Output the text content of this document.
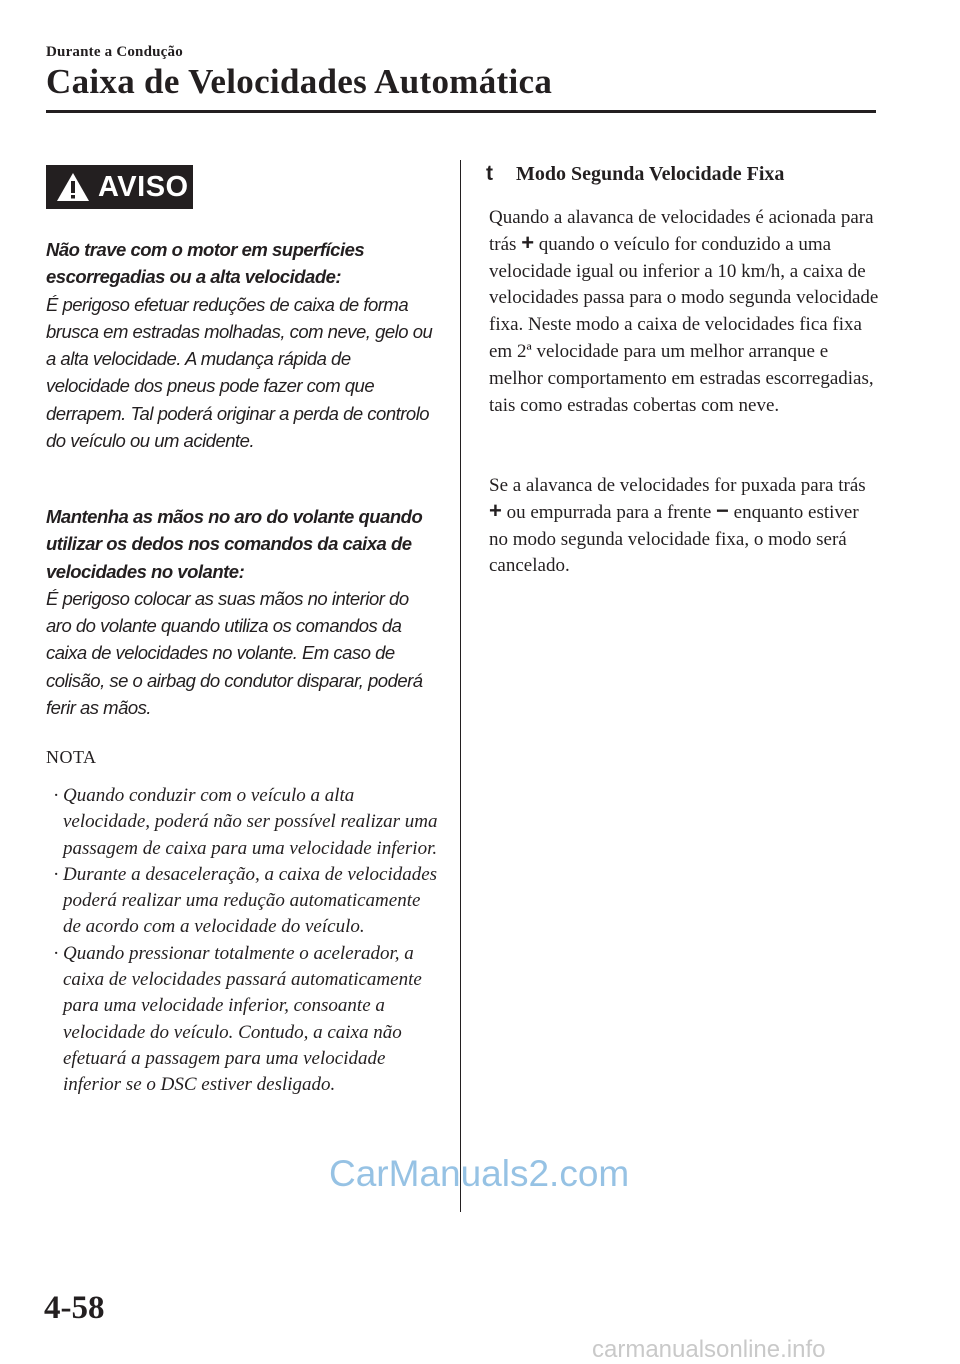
Durante a Condução
Caixa de Velocidades Automática
AVISO
Não trave com o motor em superfícies escorregadias ou a alta velocidade:
É perigoso efetuar reduções de caixa de forma brusca em estradas molhadas, com neve, gelo ou a alta velocidade. A mudança rápida de velocidade dos pneus pode fazer com que derrapem. Tal poderá originar a perda de controlo do veículo ou um acidente.
Mantenha as mãos no aro do volante quando utilizar os dedos nos comandos da caixa de velocidades no volante:
É perigoso colocar as suas mãos no interior do aro do volante quando utiliza os comandos da caixa de velocidades no volante. Em caso de colisão, se o airbag do condutor disparar, poderá ferir as mãos.
NOTA
· Quando conduzir com o veículo a alta velocidade, poderá não ser possível realizar uma passagem de caixa para uma velocidade inferior.
· Durante a desaceleração, a caixa de velocidades poderá realizar uma redução automaticamente de acordo com a velocidade do veículo.
· Quando pressionar totalmente o acelerador, a caixa de velocidades passará automaticamente para uma velocidade inferior, consoante a velocidade do veículo. Contudo, a caixa não efetuará a passagem para uma velocidade inferior se o DSC estiver desligado.
t Modo Segunda Velocidade Fixa
Quando a alavanca de velocidades é acionada para trás + quando o veículo for conduzido a uma velocidade igual ou inferior a 10 km/h, a caixa de velocidades passa para o modo segunda velocidade fixa. Neste modo a caixa de velocidades fica fixa em 2ª velocidade para um melhor arranque e melhor comportamento em estradas escorregadias, tais como estradas cobertas com neve.
Se a alavanca de velocidades for puxada para trás + ou empurrada para a frente − enquanto estiver no modo segunda velocidade fixa, o modo será cancelado.
4-58
CarManuals2.com
carmanualsonline.info
